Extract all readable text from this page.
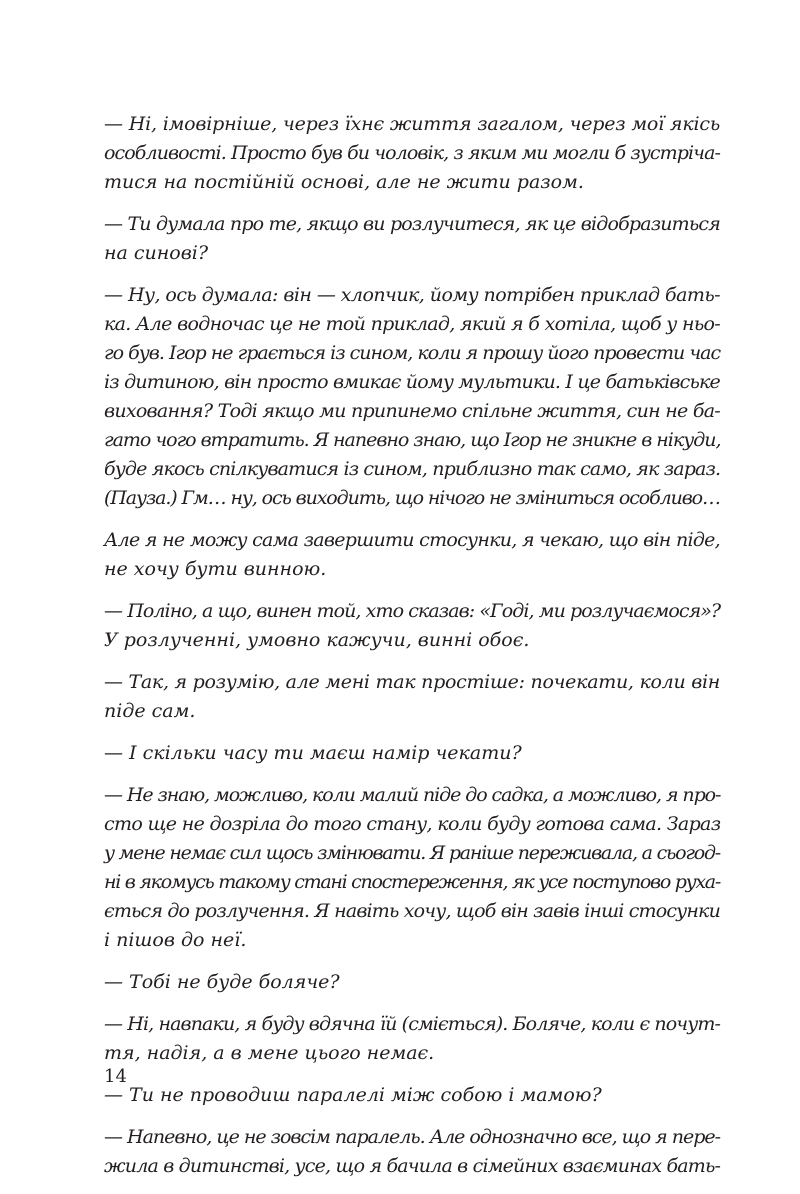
— Ні, імовірніше, через їхнє життя загалом, через мої якісь
особливості. Просто був би чоловік, з яким ми могли б зустріча-
тися на постійній основі, але не жити разом.
— Ти думала про те, якщо ви розлучитеся, як це відобразиться
на синові?
— Ну, ось думала: він — хлопчик, йому потрібен приклад бать-
ка. Але водночас це не той приклад, який я б хотіла, щоб у ньо-
го був. Ігор не грається із сином, коли я прошу його провести час
із дитиною, він просто вмикає йому мультики. І це батьківське
виховання? Тоді якщо ми припинемо спільне життя, син не ба-
гато чого втратить. Я напевно знаю, що Ігор не зникне в нікуди,
буде якось спілкуватися із сином, приблизно так само, як зараз.
(Пауза.) Гм… ну, ось виходить, що нічого не зміниться особливо…
Але я не можу сама завершити стосунки, я чекаю, що він піде,
не хочу бути винною.
— Поліно, а що, винен той, хто сказав: «Годі, ми розлучаємося»?
У розлученні, умовно кажучи, винні обоє.
— Так, я розумію, але мені так простіше: почекати, коли він
піде сам.
— І скільки часу ти маєш намір чекати?
— Не знаю, можливо, коли малий піде до садка, а можливо, я про-
сто ще не дозріла до того стану, коли буду готова сама. Зараз
у мене немає сил щось змінювати. Я раніше переживала, а сьогод-
ні в якомусь такому стані спостереження, як усе поступово руха-
ється до розлучення. Я навіть хочу, щоб він завів інші стосунки
і пішов до неї.
— Тобі не буде боляче?
— Ні, навпаки, я буду вдячна їй (сміється). Боляче, коли є почут-
тя, надія, а в мене цього немає.
— Ти не проводиш паралелі між собою і мамою?
— Напевно, це не зовсім паралель. Але однозначно все, що я пере-
жила в дитинстві, усе, що я бачила в сімейних взаєминах бать-
14
